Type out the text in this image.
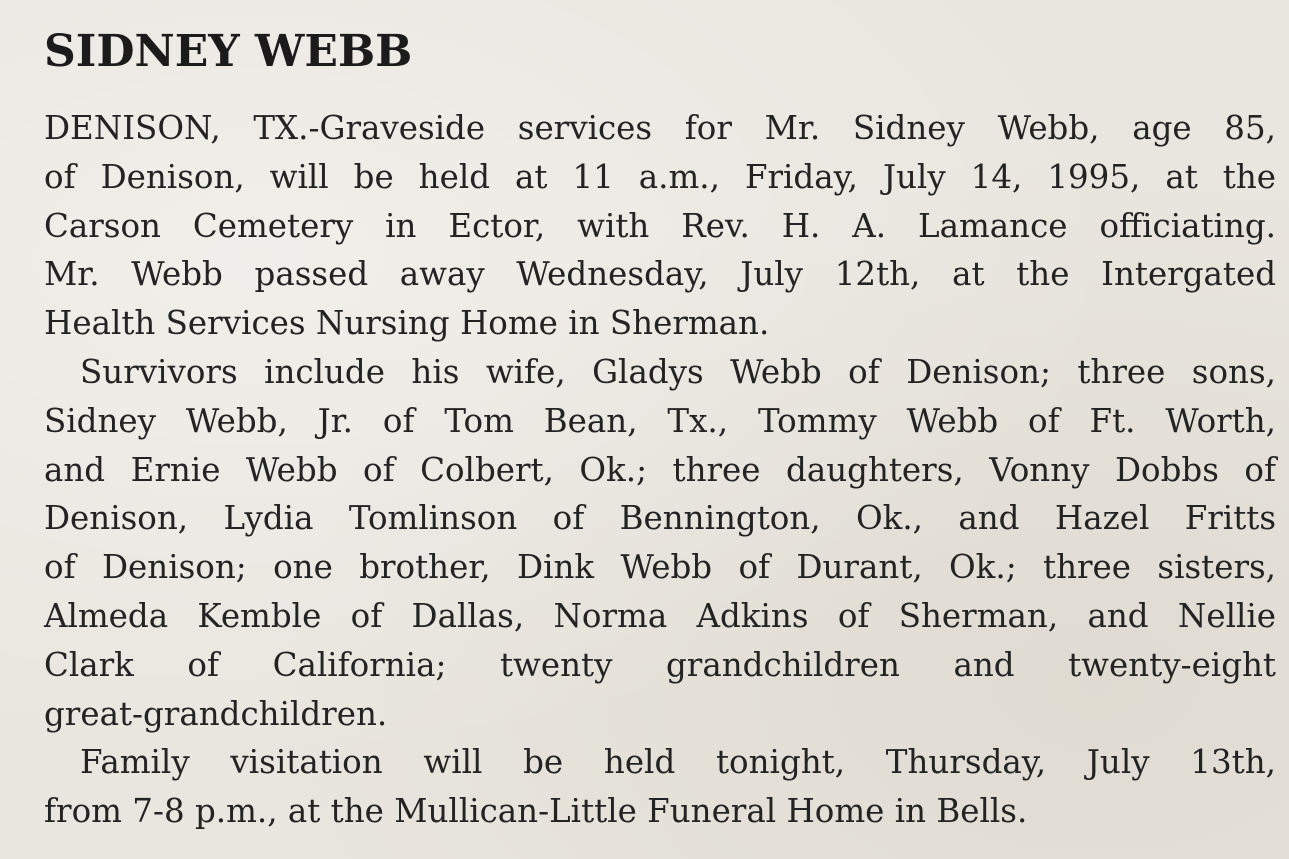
SIDNEY WEBB
DENISON, TX.-Graveside services for Mr. Sidney Webb, age 85,
of Denison, will be held at 11 a.m., Friday, July 14, 1995, at the
Carson Cemetery in Ector, with Rev. H. A. Lamance officiating.
Mr. Webb passed away Wednesday, July 12th, at the Intergated
Health Services Nursing Home in Sherman.
Survivors include his wife, Gladys Webb of Denison; three sons,
Sidney Webb, Jr. of Tom Bean, Tx., Tommy Webb of Ft. Worth,
and Ernie Webb of Colbert, Ok.; three daughters, Vonny Dobbs of
Denison, Lydia Tomlinson of Bennington, Ok., and Hazel Fritts
of Denison; one brother, Dink Webb of Durant, Ok.; three sisters,
Almeda Kemble of Dallas, Norma Adkins of Sherman, and Nellie
Clark of California; twenty grandchildren and twenty-eight
great-grandchildren.
Family visitation will be held tonight, Thursday, July 13th,
from 7-8 p.m., at the Mullican-Little Funeral Home in Bells.
